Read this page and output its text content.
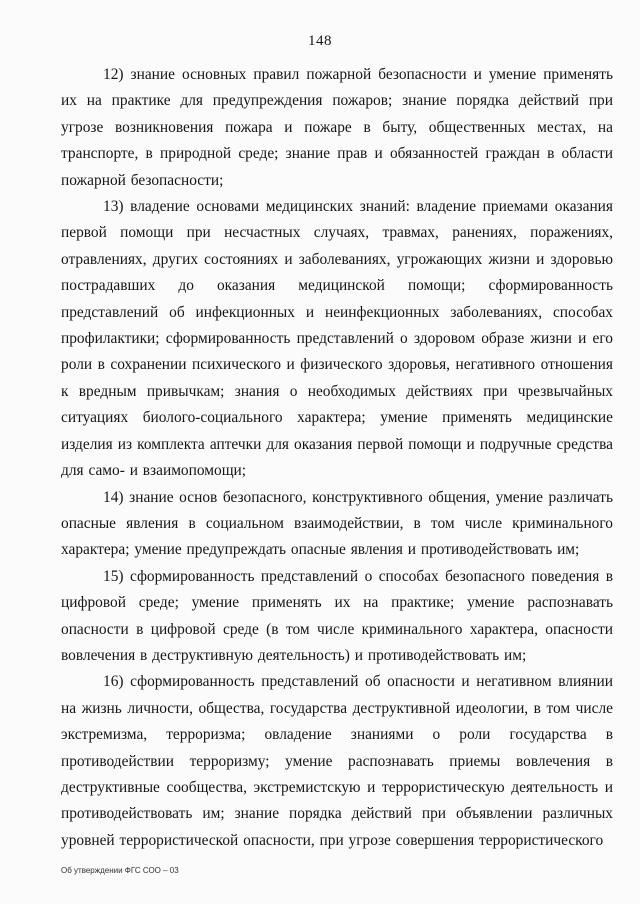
148

12) знание основных правил пожарной безопасности и умение применять их на практике для предупреждения пожаров; знание порядка действий при угрозе возникновения пожара и пожаре в быту, общественных местах, на транспорте, в природной среде; знание прав и обязанностей граждан в области пожарной безопасности;

13) владение основами медицинских знаний: владение приемами оказания первой помощи при несчастных случаях, травмах, ранениях, поражениях, отравлениях, других состояниях и заболеваниях, угрожающих жизни и здоровью пострадавших до оказания медицинской помощи; сформированность представлений об инфекционных и неинфекционных заболеваниях, способах профилактики; сформированность представлений о здоровом образе жизни и его роли в сохранении психического и физического здоровья, негативного отношения к вредным привычкам; знания о необходимых действиях при чрезвычайных ситуациях биолого-социального характера; умение применять медицинские изделия из комплекта аптечки для оказания первой помощи и подручные средства для само- и взаимопомощи;

14) знание основ безопасного, конструктивного общения, умение различать опасные явления в социальном взаимодействии, в том числе криминального характера; умение предупреждать опасные явления и противодействовать им;

15) сформированность представлений о способах безопасного поведения в цифровой среде; умение применять их на практике; умение распознавать опасности в цифровой среде (в том числе криминального характера, опасности вовлечения в деструктивную деятельность) и противодействовать им;

16) сформированность представлений об опасности и негативном влиянии на жизнь личности, общества, государства деструктивной идеологии, в том числе экстремизма, терроризма; овладение знаниями о роли государства в противодействии терроризму; умение распознавать приемы вовлечения в деструктивные сообщества, экстремистскую и террористическую деятельность и противодействовать им; знание порядка действий при объявлении различных уровней террористической опасности, при угрозе совершения террористического

Об утверждении ФГС СОО – 03
